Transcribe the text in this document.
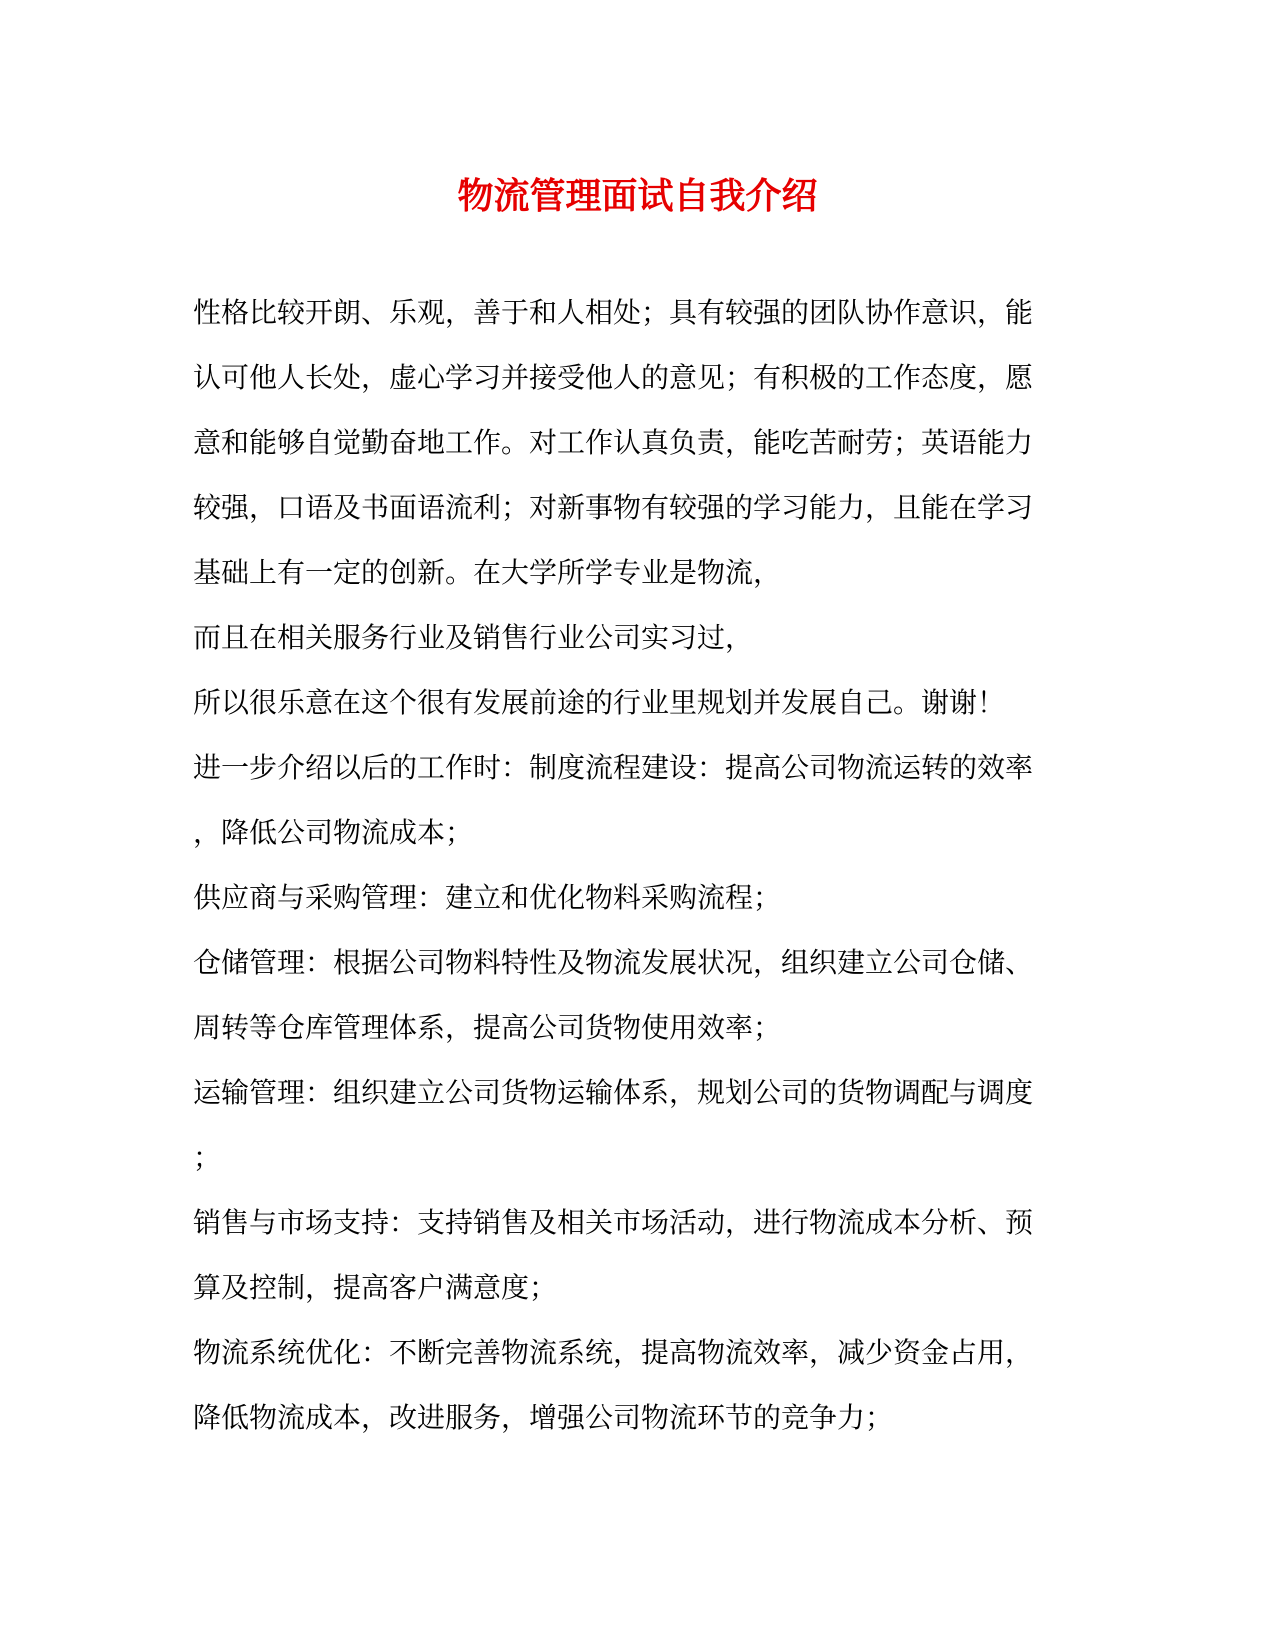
物流管理面试自我介绍

性格比较开朗、乐观，善于和人相处；具有较强的团队协作意识，能

认可他人长处，虚心学习并接受他人的意见；有积极的工作态度，愿

意和能够自觉勤奋地工作。对工作认真负责，能吃苦耐劳；英语能力

较强，口语及书面语流利；对新事物有较强的学习能力，且能在学习

基础上有一定的创新。在大学所学专业是物流，

而且在相关服务行业及销售行业公司实习过，

所以很乐意在这个很有发展前途的行业里规划并发展自己。谢谢！

进一步介绍以后的工作时：制度流程建设：提高公司物流运转的效率

，降低公司物流成本；

供应商与采购管理：建立和优化物料采购流程；

仓储管理：根据公司物料特性及物流发展状况，组织建立公司仓储、

周转等仓库管理体系，提高公司货物使用效率；

运输管理：组织建立公司货物运输体系，规划公司的货物调配与调度

；

销售与市场支持：支持销售及相关市场活动，进行物流成本分析、预

算及控制，提高客户满意度；

物流系统优化：不断完善物流系统，提高物流效率，减少资金占用，

降低物流成本，改进服务，增强公司物流环节的竞争力；
